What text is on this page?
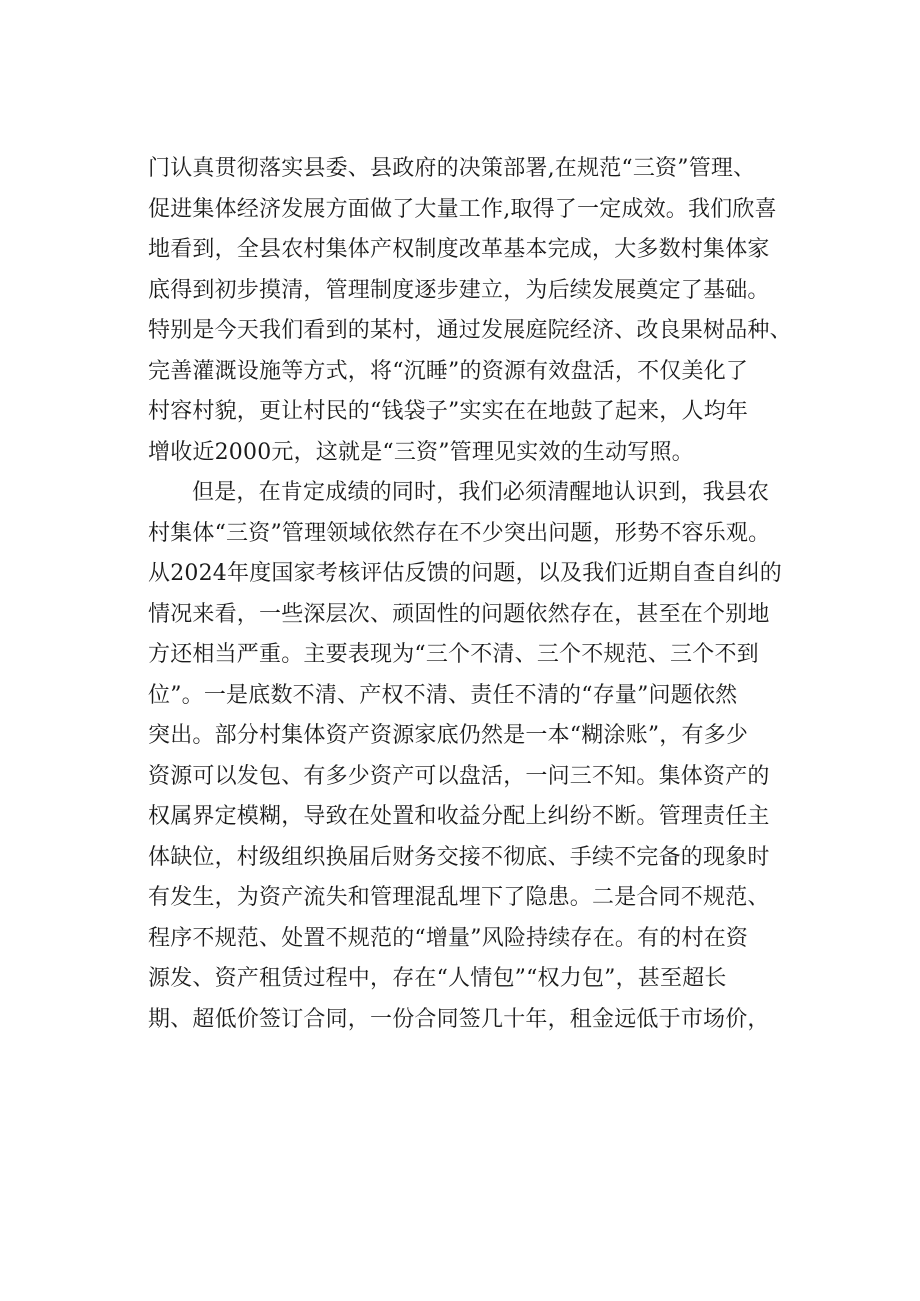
门认真贯彻落实县委、县政府的决策部署,在规范“三资”管理、
促进集体经济发展方面做了大量工作,取得了一定成效。我们欣喜
地看到，全县农村集体产权制度改革基本完成，大多数村集体家
底得到初步摸清，管理制度逐步建立，为后续发展奠定了基础。
特别是今天我们看到的某村，通过发展庭院经济、改良果树品种、
完善灌溉设施等方式，将“沉睡”的资源有效盘活，不仅美化了
村容村貌，更让村民的“钱袋子”实实在在地鼓了起来，人均年
增收近2000元，这就是“三资”管理见实效的生动写照。
但是，在肯定成绩的同时，我们必须清醒地认识到，我县农
村集体“三资”管理领域依然存在不少突出问题，形势不容乐观。
从2024年度国家考核评估反馈的问题，以及我们近期自查自纠的
情况来看，一些深层次、顽固性的问题依然存在，甚至在个别地
方还相当严重。主要表现为“三个不清、三个不规范、三个不到
位”。一是底数不清、产权不清、责任不清的“存量”问题依然
突出。部分村集体资产资源家底仍然是一本“糊涂账”，有多少
资源可以发包、有多少资产可以盘活，一问三不知。集体资产的
权属界定模糊，导致在处置和收益分配上纠纷不断。管理责任主
体缺位，村级组织换届后财务交接不彻底、手续不完备的现象时
有发生，为资产流失和管理混乱埋下了隐患。二是合同不规范、
程序不规范、处置不规范的“增量”风险持续存在。有的村在资
源发、资产租赁过程中，存在“人情包”“权力包”，甚至超长
期、超低价签订合同，一份合同签几十年，租金远低于市场价，
